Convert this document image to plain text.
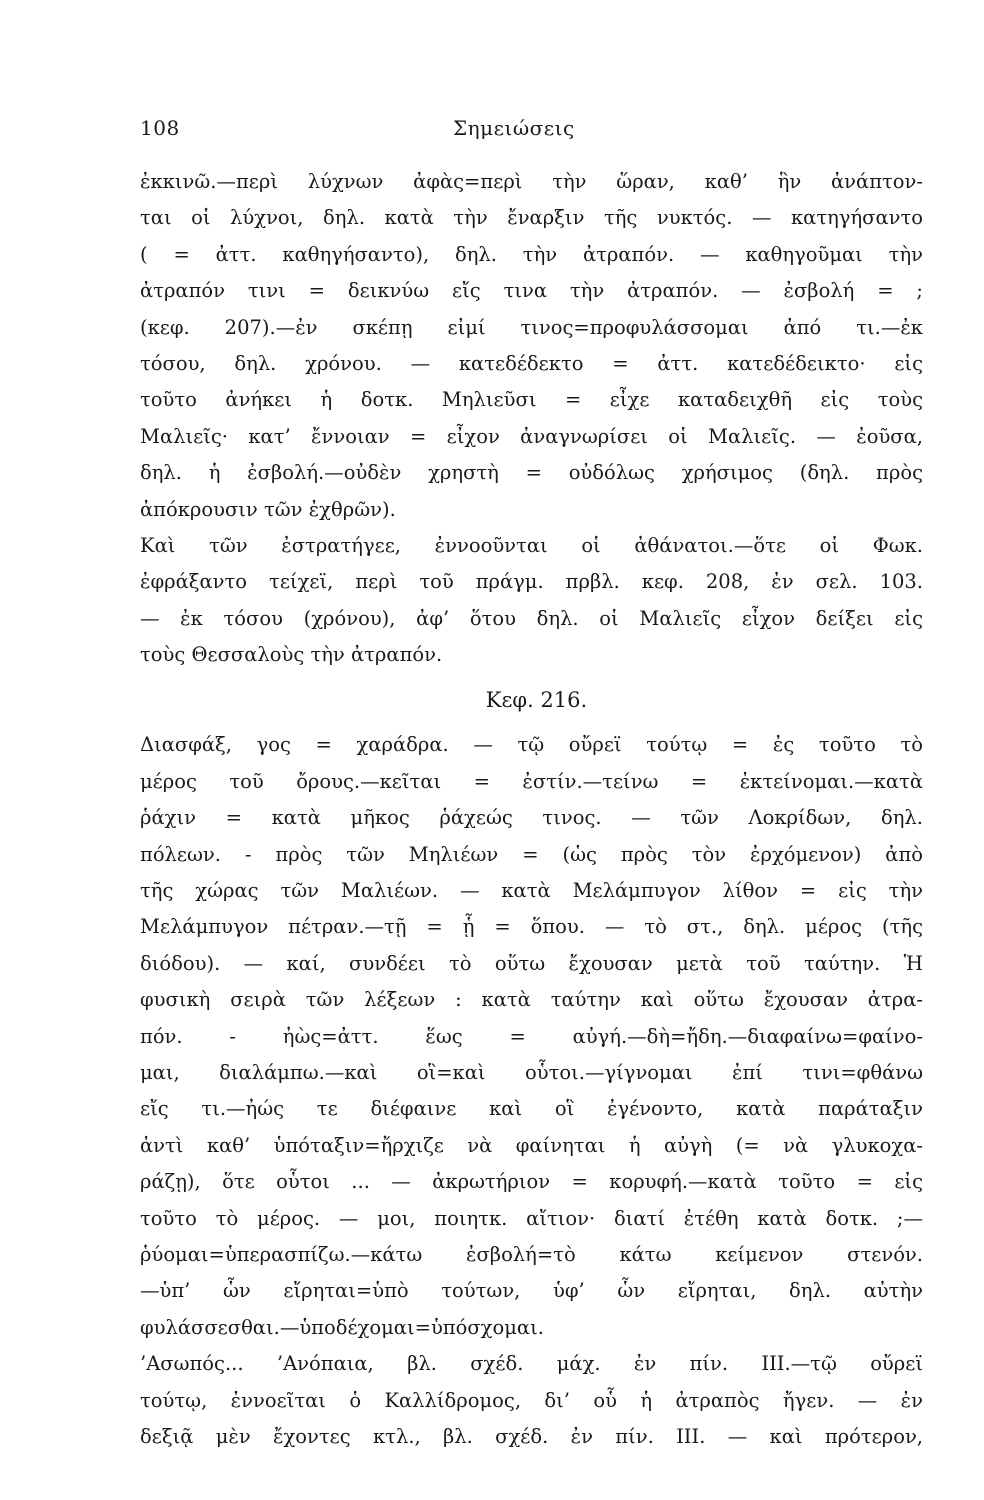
108	Σημειώσεις
ἐκκινῶ.—περὶ λύχνων ἀφὰς=περὶ τὴν ὥραν, καθ’ ἣν ἀνάπτον-
ται οἱ λύχνοι, δηλ. κατὰ τὴν ἔναρξιν τῆς νυκτός. — κατηγήσαντο
( = ἀττ. καθηγήσαντο), δηλ. τὴν ἀτραπόν. — καθηγοῦμαι τὴν
ἀτραπόν τινι = δεικνύω εἴς τινα τὴν ἀτραπόν. — ἐσβολή = ;
(κεφ. 207).—ἐν σκέπῃ εἰμί τινος=προφυλάσσομαι ἀπό τι.—ἐκ
τόσου, δηλ. χρόνου. — κατεδέδεκτο = ἀττ. κατεδέδεικτο· εἰς
τοῦτο ἀνήκει ἡ δοτκ. Μηλιεῦσι = εἶχε καταδειχθῆ εἰς τοὺς
Μαλιεῖς· κατ’ ἔννοιαν = εἶχον ἀναγνωρίσει οἱ Μαλιεῖς. — ἐοῦσα,
δηλ. ἡ ἐσβολή.—οὐδὲν χρηστὴ = οὐδόλως χρήσιμος (δηλ. πρὸς
ἀπόκρουσιν τῶν ἐχθρῶν).
Καὶ τῶν ἐστρατήγεε, ἐννοοῦνται οἱ ἀθάνατοι.—ὅτε οἱ Φωκ.
ἐφράξαντο τείχεϊ, περὶ τοῦ πράγμ. πρβλ. κεφ. 208, ἐν σελ. 103.
— ἐκ τόσου (χρόνου), ἀφ’ ὅτου δηλ. οἱ Μαλιεῖς εἶχον δείξει εἰς
τοὺς Θεσσαλοὺς τὴν ἀτραπόν.
Κεφ. 216.
Διασφάξ, γος = χαράδρα. — τῷ οὔρεϊ τούτῳ = ἐς τοῦτο τὸ
μέρος τοῦ ὄρους.—κεῖται = ἐστίν.—τείνω = ἐκτείνομαι.—κατὰ
ῥάχιν = κατὰ μῆκος ῥάχεώς τινος. — τῶν Λοκρίδων, δηλ.
πόλεων. - πρὸς τῶν Μηλιέων = (ὡς πρὸς τὸν ἐρχόμενον) ἀπὸ
τῆς χώρας τῶν Μαλιέων. — κατὰ Μελάμπυγον λίθον = εἰς τὴν
Μελάμπυγον πέτραν.—τῇ = ᾗ = ὅπου. — τὸ στ., δηλ. μέρος (τῆς
διόδου). — καί, συνδέει τὸ οὕτω ἔχουσαν μετὰ τοῦ ταύτην. Ἡ
φυσικὴ σειρὰ τῶν λέξεων : κατὰ ταύτην καὶ οὕτω ἔχουσαν ἀτρα-
πόν. - ἠὼς=ἀττ. ἕως = αὐγή.—δὴ=ἤδη.—διαφαίνω=φαίνο-
μαι, διαλάμπω.—καὶ οἳ=καὶ οὗτοι.—γίγνομαι ἐπί τινι=φθάνω
εἴς τι.—ἠώς τε διέφαινε καὶ οἳ ἐγένοντο, κατὰ παράταξιν
ἀντὶ καθ’ ὑπόταξιν=ἤρχιζε νὰ φαίνηται ἡ αὐγὴ (= νὰ γλυκοχα-
ράζῃ), ὅτε οὗτοι ... — ἀκρωτήριον = κορυφή.—κατὰ τοῦτο = εἰς
τοῦτο τὸ μέρος. — μοι, ποιητκ. αἴτιον· διατί ἐτέθη κατὰ δοτκ. ;—
ῥύομαι=ὑπερασπίζω.—κάτω ἐσβολή=τὸ κάτω κείμενον στενόν.
—ὑπ’ ὧν εἴρηται=ὑπὸ τούτων, ὑφ’ ὧν εἴρηται, δηλ. αὐτὴν
φυλάσσεσθαι.—ὑποδέχομαι=ὑπόσχομαι.
’Ασωπός... ’Ανόπαια, βλ. σχέδ. μάχ. ἐν πίν. ΙΙΙ.—τῷ οὔρεϊ
τούτῳ, ἐννοεῖται ὁ Καλλίδρομος, δι’ οὗ ἡ ἀτραπὸς ἤγεν. — ἐν
δεξιᾷ μὲν ἔχοντες κτλ., βλ. σχέδ. ἐν πίν. ΙΙΙ. — καὶ πρότερον,
